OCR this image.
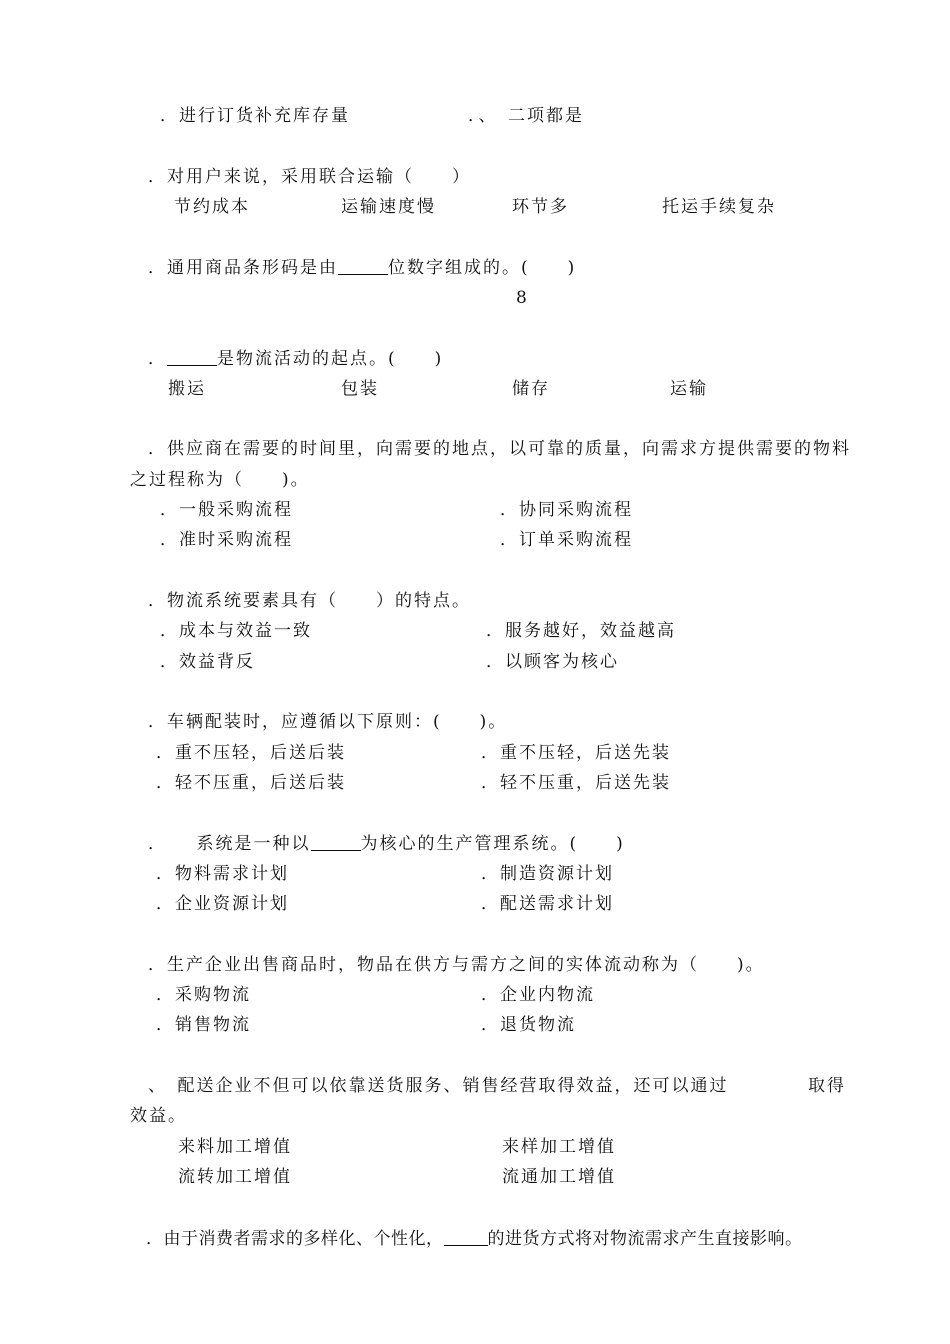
．进行订货补充库存量	．、　二项都是
．对用户来说，采用联合运输（　　）
节约成本	运输速度慢	环节多	托运手续复杂
．通用商品条形码是由	位数字组成的。(　　)
8
．	是物流活动的起点。(　　)
搬运	包装	储存	运输
．供应商在需要的时间里，向需要的地点，以可靠的质量，向需求方提供需要的物料
之过程称为（　　)。
．一般采购流程	．协同采购流程
．准时采购流程	．订单采购流程
．物流系统要素具有（　　）的特点。
．成本与效益一致	．服务越好，效益越高
．效益背反	．以顾客为核心
．车辆配装时，应遵循以下原则：(　　)。
．重不压轻，后送后装	．重不压轻，后送先装
．轻不压重，后送后装	．轻不压重，后送先装
．　　系统是一种以	为核心的生产管理系统。(　　)
．物料需求计划	．制造资源计划
．企业资源计划	．配送需求计划
．生产企业出售商品时，物品在供方与需方之间的实体流动称为（　　)。
．采购物流	．企业内物流
．销售物流	．退货物流
、　配送企业不但可以依靠送货服务、销售经营取得效益，还可以通过	取得
效益。
来料加工增值	来样加工增值
流转加工增值	流通加工增值
．由于消费者需求的多样化、个性化，	的进货方式将对物流需求产生直接影响。
